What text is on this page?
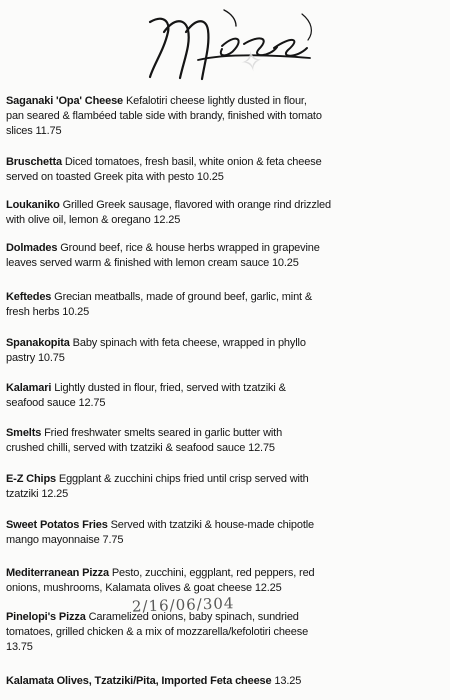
✧
Saganaki 'Opa' Cheese Kefalotiri cheese lightly dusted in flour,
pan seared & flambéed table side with brandy, finished with tomato
slices 11.75
Bruschetta Diced tomatoes, fresh basil, white onion & feta cheese
served on toasted Greek pita with pesto 10.25
Loukaniko Grilled Greek sausage, flavored with orange rind drizzled
with olive oil, lemon & oregano 12.25
Dolmades Ground beef, rice & house herbs wrapped in grapevine
leaves served warm & finished with lemon cream sauce 10.25
Keftedes Grecian meatballs, made of ground beef, garlic, mint &
fresh herbs 10.25
Spanakopita Baby spinach with feta cheese, wrapped in phyllo
pastry 10.75
Kalamari Lightly dusted in flour, fried, served with tzatziki &
seafood sauce 12.75
Smelts Fried freshwater smelts seared in garlic butter with
crushed chilli, served with tzatziki & seafood sauce 12.75
E-Z Chips Eggplant & zucchini chips fried until crisp served with
tzatziki 12.25
Sweet Potatos Fries Served with tzatziki & house-made chipotle
mango mayonnaise 7.75
Mediterranean Pizza Pesto, zucchini, eggplant, red peppers, red
onions, mushrooms, Kalamata olives & goat cheese 12.25
Pinelopi's Pizza Caramelized onions, baby spinach, sundried
tomatoes, grilled chicken & a mix of mozzarella/kefolotiri cheese
13.75
Kalamata Olives, Tzatziki/Pita, Imported Feta cheese 13.25
2/16/06/304
